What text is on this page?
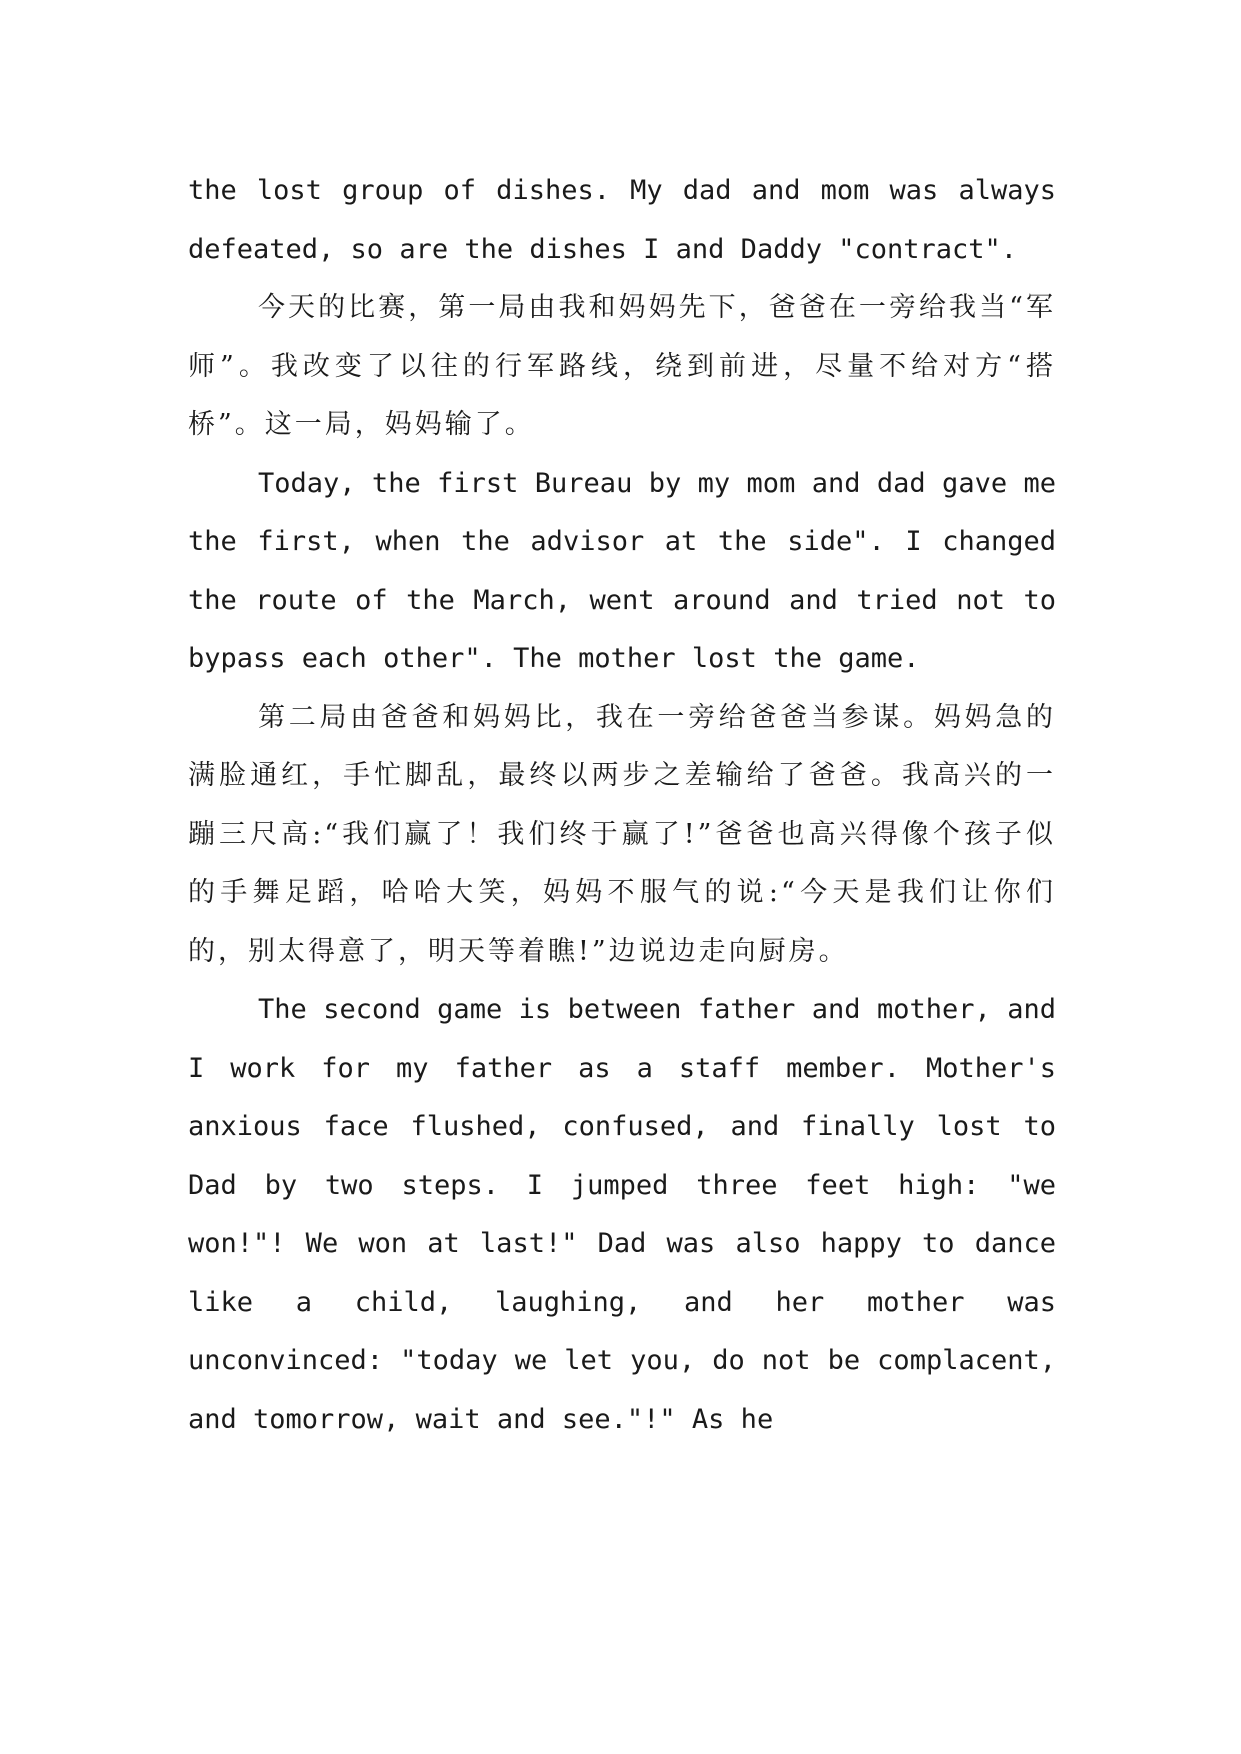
the lost group of dishes. My dad and mom was always defeated, so are the dishes I and Daddy "contract".

今天的比赛，第一局由我和妈妈先下，爸爸在一旁给我当“军师”。我改变了以往的行军路线，绕到前进，尽量不给对方“搭桥”。这一局，妈妈输了。

Today, the first Bureau by my mom and dad gave me the first, when the advisor at the side". I changed the route of the March, went around and tried not to bypass each other". The mother lost the game.

第二局由爸爸和妈妈比，我在一旁给爸爸当参谋。妈妈急的满脸通红，手忙脚乱，最终以两步之差输给了爸爸。我高兴的一蹦三尺高:“我们赢了！我们终于赢了!”爸爸也高兴得像个孩子似的手舞足蹈，哈哈大笑，妈妈不服气的说:“今天是我们让你们的，别太得意了，明天等着瞧!”边说边走向厨房。

The second game is between father and mother, and I work for my father as a staff member. Mother's anxious face flushed, confused, and finally lost to Dad by two steps. I jumped three feet high: "we won!"! We won at last!" Dad was also happy to dance like a child, laughing, and her mother was unconvinced: "today we let you, do not be complacent, and tomorrow, wait and see."!" As he
